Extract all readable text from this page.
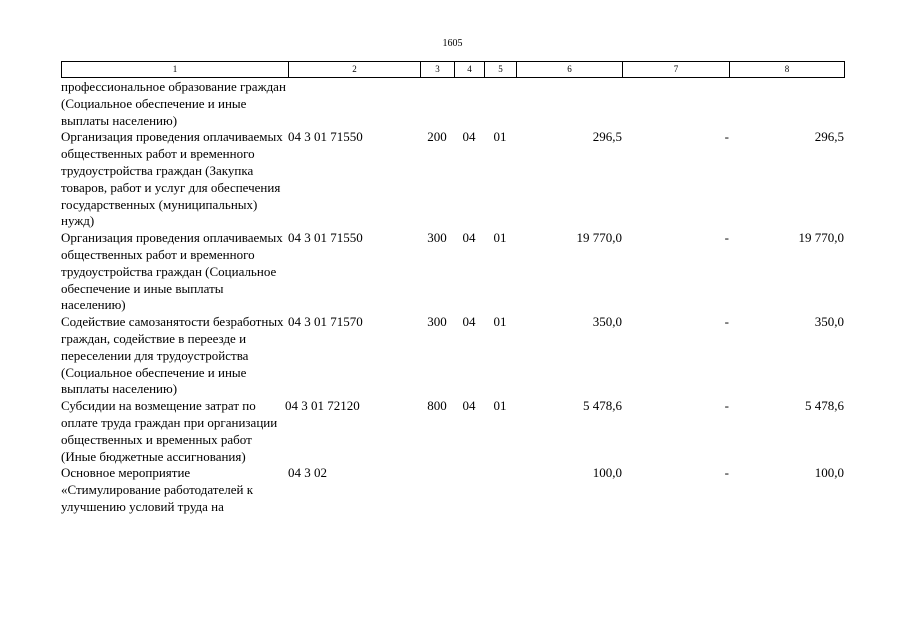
1605
1	2	3	4	5	6	7	8
профессиональное образование граждан (Социальное обеспечение и иные выплаты населению)							
Организация проведения оплачиваемых общественных работ и временного трудоустройства граждан (Закупка товаров, работ и услуг для обеспечения государственных (муниципальных) нужд)	04 3 01 71550	200	04	01	296,5	-	296,5
Организация проведения оплачиваемых общественных работ и временного трудоустройства граждан (Социальное обеспечение и иные выплаты населению)	04 3 01 71550	300	04	01	19 770,0	-	19 770,0
Содействие самозанятости безработных граждан, содействие в переезде и переселении для трудоустройства (Социальное обеспечение и иные выплаты населению)	04 3 01 71570	300	04	01	350,0	-	350,0
Субсидии на возмещение затрат по оплате труда граждан при организации общественных и временных работ (Иные бюджетные ассигнования)	04 3 01 72120	800	04	01	5 478,6	-	5 478,6
Основное мероприятие «Стимулирование работодателей к улучшению условий труда на	04 3 02				100,0	-	100,0
